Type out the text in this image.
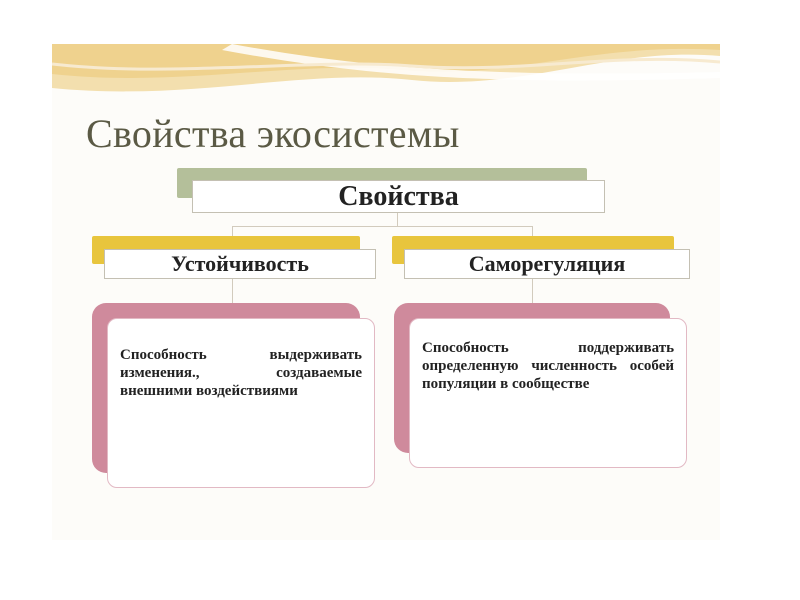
Свойства экосистемы
Свойства
Устойчивость	Саморегуляция
Способность выдерживать изменения., создаваемые внешними воздействиями
Способность поддерживать определенную численность особей популяции в сообществе
